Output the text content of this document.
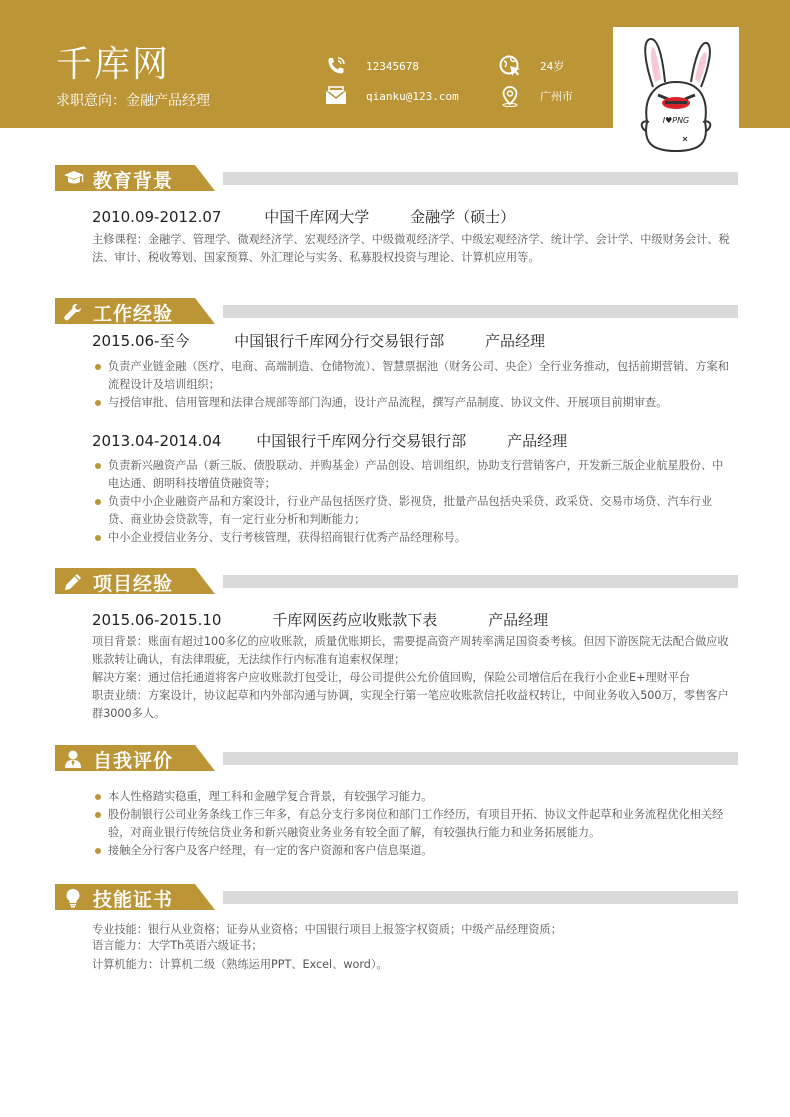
千库网
求职意向：金融产品经理
12345678
qianku@123.com
24岁
广州市
I♥PNG
教育背景
2010.09-2012.07	中国千库网大学	金融学（硕士）
主修课程：金融学、管理学、微观经济学、宏观经济学、中级微观经济学、中级宏观经济学、统计学、会计学、中级财务会计、税法、审计、税收筹划、国家预算、外汇理论与实务、私募股权投资与理论、计算机应用等。
工作经验
2015.06-至今	中国银行千库网分行交易银行部	产品经理
负责产业链金融（医疗、电商、高端制造、仓储物流）、智慧票据池（财务公司、央企）全行业务推动，包括前期营销、方案和流程设计及培训组织；
与授信审批、信用管理和法律合规部等部门沟通，设计产品流程，撰写产品制度、协议文件、开展项目前期审查。
2013.04-2014.04 中国银行千库网分行交易银行部	产品经理
负责新兴融资产品（新三版、债股联动、并购基金）产品创设、培训组织，协助支行营销客户，开发新三版企业航星股份、中电达通、朗明科技增值贷融资等；
负责中小企业融资产品和方案设计，行业产品包括医疗贷、影视贷，批量产品包括央采贷、政采贷、交易市场贷、汽车行业贷、商业协会贷款等，有一定行业分析和判断能力；
中小企业授信业务分、支行考核管理，获得招商银行优秀产品经理称号。
项目经验
2015.06-2015.10	千库网医药应收账款下表	产品经理
项目背景：账面有超过100多亿的应收账款，质量优账期长，需要提高资产周转率满足国资委考核。但因下游医院无法配合做应收账款转让确认，有法律瑕疵，无法续作行内标准有追索权保理；
解决方案：通过信托通道将客户应收账款打包受让，母公司提供公允价值回购，保险公司增信后在我行小企业E+理财平台
职责业绩：方案设计，协议起草和内外部沟通与协调，实现全行第一笔应收账款信托收益权转让，中间业务收入500万，零售客户群3000多人。
自我评价
本人性格踏实稳重，理工科和金融学复合背景，有较强学习能力。
股份制银行公司业务条线工作三年多，有总分支行多岗位和部门工作经历，有项目开拓、协议文件起草和业务流程优化相关经验，对商业银行传统信贷业务和新兴融资业务业务有较全面了解，有较强执行能力和业务拓展能力。
接触全分行客户及客户经理，有一定的客户资源和客户信息渠道。
技能证书
专业技能：银行从业资格；证券从业资格；中国银行项目上报签字权资质；中级产品经理资质；
语言能力：大学Th英语六级证书；
计算机能力：计算机二级（熟练运用PPT、Excel、word）。
